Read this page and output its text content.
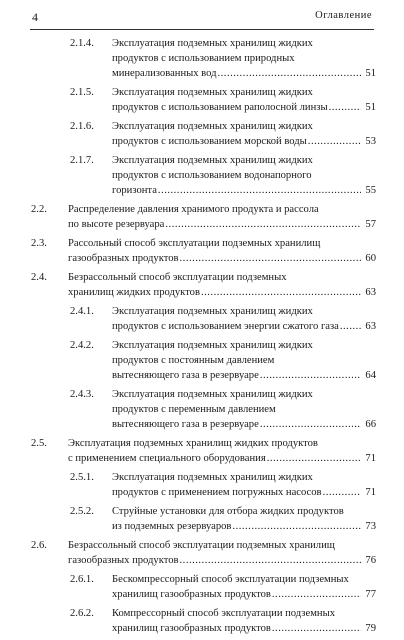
4	Оглавление
2.1.4. Эксплуатация подземных хранилищ жидких
продуктов с использованием природных
минерализованных вод .....	51
2.1.5. Эксплуатация подземных хранилищ жидких
продуктов с использованием раполосной линзы .....	51
2.1.6. Эксплуатация подземных хранилищ жидких
продуктов с использованием морской воды .....	53
2.1.7. Эксплуатация подземных хранилищ жидких
продуктов с использованием водонапорного
горизонта .....	55
2.2. Распределение давления хранимого продукта и рассола
по высоте резервуара .....	57
2.3. Рассольный способ эксплуатации подземных хранилищ
газообразных продуктов .....	60
2.4. Безрассольный способ эксплуатации подземных
хранилищ жидких продуктов .....	63
2.4.1. Эксплуатация подземных хранилищ жидких
продуктов с использованием энергии сжатого газа .....	63
2.4.2. Эксплуатация подземных хранилищ жидких
продуктов с постоянным давлением
вытесняющего газа в резервуаре .....	64
2.4.3. Эксплуатация подземных хранилищ жидких
продуктов с переменным давлением
вытесняющего газа в резервуаре .....	66
2.5. Эксплуатация подземных хранилищ жидких продуктов
с применением специального оборудования .....	71
2.5.1. Эксплуатация подземных хранилищ жидких
продуктов с применением погружных насосов .....	71
2.5.2. Струйные установки для отбора жидких продуктов
из подземных резервуаров .....	73
2.6. Безрассольный способ эксплуатации подземных хранилищ
газообразных продуктов .....	76
2.6.1. Бескомпрессорный способ эксплуатации подземных
хранилищ газообразных продуктов .....	77
2.6.2. Компрессорный способ эксплуатации подземных
хранилищ газообразных продуктов .....	79
